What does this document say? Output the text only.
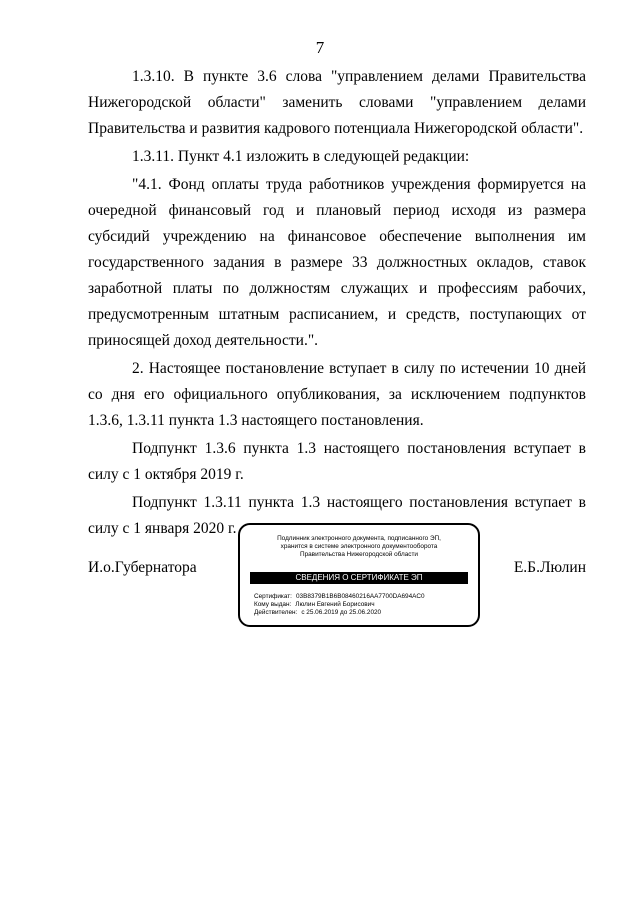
7

1.3.10. В пункте 3.6 слова "управлением делами Правительства Нижегородской области" заменить словами "управлением делами Правительства и развития кадрового потенциала Нижегородской области".

1.3.11. Пункт 4.1 изложить в следующей редакции:

"4.1. Фонд оплаты труда работников учреждения формируется на очередной финансовый год и плановый период исходя из размера субсидий учреждению на финансовое обеспечение выполнения им государственного задания в размере 33 должностных окладов, ставок заработной платы по должностям служащих и профессиям рабочих, предусмотренным штатным расписанием, и средств, поступающих от приносящей доход деятельности.".

2. Настоящее постановление вступает в силу по истечении 10 дней со дня его официального опубликования, за исключением подпунктов 1.3.6, 1.3.11 пункта 1.3 настоящего постановления.

Подпункт 1.3.6 пункта 1.3 настоящего постановления вступает в силу с 1 октября 2019 г.

Подпункт 1.3.11 пункта 1.3 настоящего постановления вступает в силу с 1 января 2020 г.

И.о.Губернатора
Подлинник электронного документа, подписанного ЭП,
хранится в системе электронного документооборота
Правительства Нижегородской области
СВЕДЕНИЯ О СЕРТИФИКАТЕ ЭП
Сертификат: 03B8379B1B6B08460216AA7700DA694AC0
Кому выдан: Люлин Евгений Борисович
Действителен: с 25.06.2019 до 25.06.2020
Е.Б.Люлин
